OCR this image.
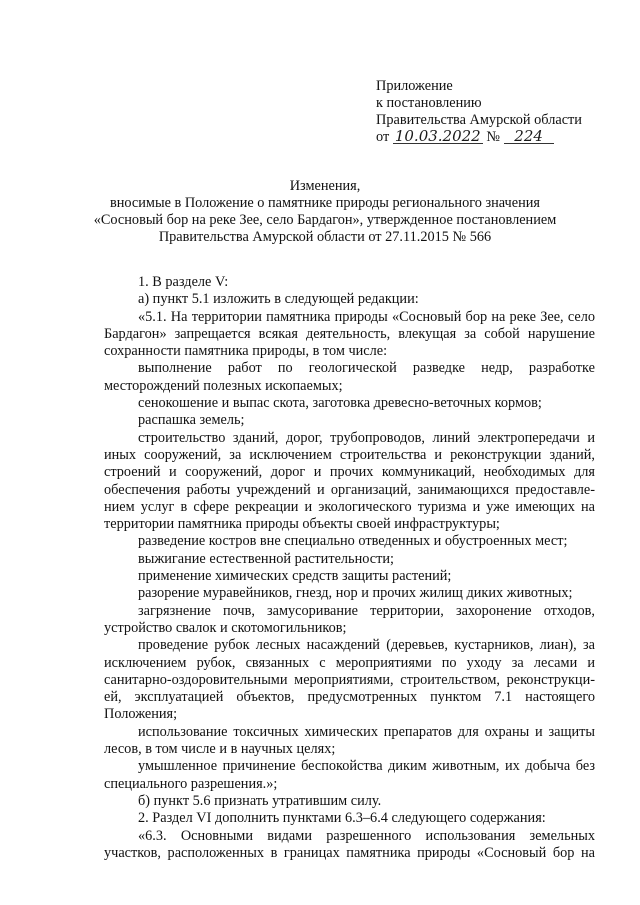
Приложение
к постановлению
Правительства Амурской области
от 10.03.2022 № 224
Изменения,
вносимые в Положение о памятнике природы регионального значения
«Сосновый бор на реке Зее, село Бардагон», утвержденное постановлением
Правительства Амурской области от 27.11.2015 № 566

1. В разделе V:

а) пункт 5.1 изложить в следующей редакции:

«5.1. На территории памятника природы «Сосновый бор на реке Зее, село Бардагон» запрещается всякая деятельность, влекущая за собой нарушение сохранности памятника природы, в том числе:

выполнение работ по геологической разведке недр, разработке месторождений полезных ископаемых;

сенокошение и выпас скота, заготовка древесно-веточных кормов;

распашка земель;

строительство зданий, дорог, трубопроводов, линий электропередачи и иных сооружений, за исключением строительства и реконструкции зданий, строений и сооружений, дорог и прочих коммуникаций, необходимых для обеспечения работы учреждений и организаций, занимающихся предоставлением услуг в сфере рекреации и экологического туризма и уже имеющих на территории памятника природы объекты своей инфраструктуры;

разведение костров вне специально отведенных и обустроенных мест;

выжигание естественной растительности;

применение химических средств защиты растений;

разорение муравейников, гнезд, нор и прочих жилищ диких животных;

загрязнение почв, замусоривание территории, захоронение отходов, устройство свалок и скотомогильников;

проведение рубок лесных насаждений (деревьев, кустарников, лиан), за исключением рубок, связанных с мероприятиями по уходу за лесами и санитарно-оздоровительными мероприятиями, строительством, реконструкцией, эксплуатацией объектов, предусмотренных пунктом 7.1 настоящего Положения;

использование токсичных химических препаратов для охраны и защиты лесов, в том числе и в научных целях;

умышленное причинение беспокойства диким животным, их добыча без специального разрешения.»;

б) пункт 5.6 признать утратившим силу.

2. Раздел VI дополнить пунктами 6.3–6.4 следующего содержания:

«6.3. Основными видами разрешенного использования земельных участков, расположенных в границах памятника природы «Сосновый бор на
